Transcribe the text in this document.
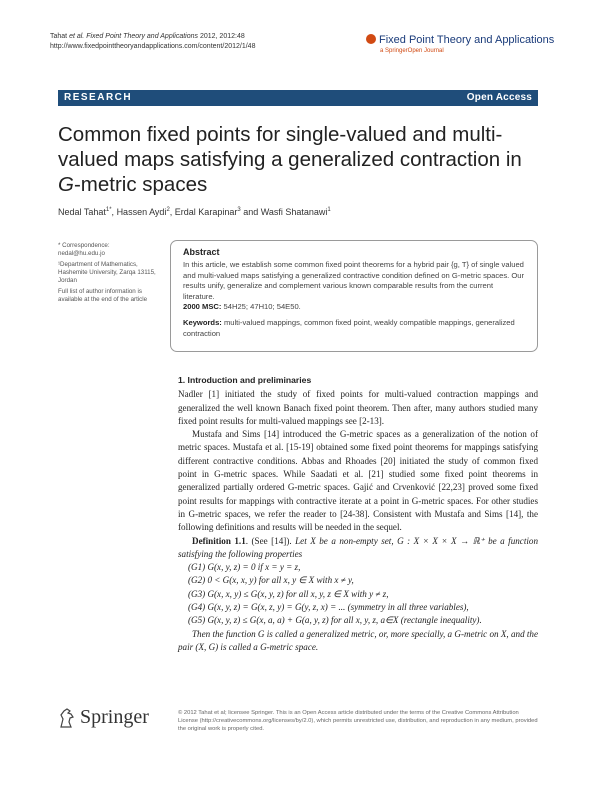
Tahat et al. Fixed Point Theory and Applications 2012, 2012:48
http://www.fixedpointtheoryandapplications.com/content/2012/1/48
Fixed Point Theory and Applications
a SpringerOpen Journal
RESEARCH	Open Access
Common fixed points for single-valued and multi-valued maps satisfying a generalized contraction in G-metric spaces
Nedal Tahat$^{1*}$, Hassen Aydi$^2$, Erdal Karapinar$^3$ and Wasfi Shatanawi$^1$

* Correspondence: nedal@hu.edu.jo

¹Department of Mathematics, Hashemite University, Zarqa 13115, Jordan

Full list of author information is available at the end of the article

Abstract

In this article, we establish some common fixed point theorems for a hybrid pair {g, T} of single valued and multi-valued maps satisfying a generalized contractive condition defined on G-metric spaces. Our results unify, generalize and complement various known comparable results from the current literature.

2000 MSC: 54H25; 47H10; 54E50.

Keywords: multi-valued mappings, common fixed point, weakly compatible mappings, generalized contraction

1. Introduction and preliminaries

Nadler [1] initiated the study of fixed points for multi-valued contraction mappings and generalized the well known Banach fixed point theorem. Then after, many authors studied many fixed point results for multi-valued mappings see [2-13].

Mustafa and Sims [14] introduced the G-metric spaces as a generalization of the notion of metric spaces. Mustafa et al. [15-19] obtained some fixed point theorems for mappings satisfying different contractive conditions. Abbas and Rhoades [20] initiated the study of common fixed point in G-metric spaces. While Saadati et al. [21] studied some fixed point theorems in generalized partially ordered G-metric spaces. Gajić and Crvenković [22,23] proved some fixed point results for mappings with contractive iterate at a point in G-metric spaces. For other studies in G-metric spaces, we refer the reader to [24-38]. Consistent with Mustafa and Sims [14], the following definitions and results will be needed in the sequel.

Definition 1.1. (See [14]). Let X be a non-empty set, G : X × X × X → ℝ⁺ be a function satisfying the following properties

(G1) G(x, y, z) = 0 if x = y = z,

(G2) 0 < G(x, x, y) for all x, y ∈ X with x ≠ y,

(G3) G(x, x, y) ≤ G(x, y, z) for all x, y, z ∈ X with y ≠ z,

(G4) G(x, y, z) = G(x, z, y) = G(y, z, x) = ... (symmetry in all three variables),

(G5) G(x, y, z) ≤ G(x, a, a) + G(a, y, z) for all x, y, z, a∈X (rectangle inequality).

Then the function G is called a generalized metric, or, more specially, a G-metric on X, and the pair (X, G) is called a G-metric space.

Springer	© 2012 Tahat et al; licensee Springer. This is an Open Access article distributed under the terms of the Creative Commons Attribution License (http://creativecommons.org/licenses/by/2.0), which permits unrestricted use, distribution, and reproduction in any medium, provided the original work is properly cited.
